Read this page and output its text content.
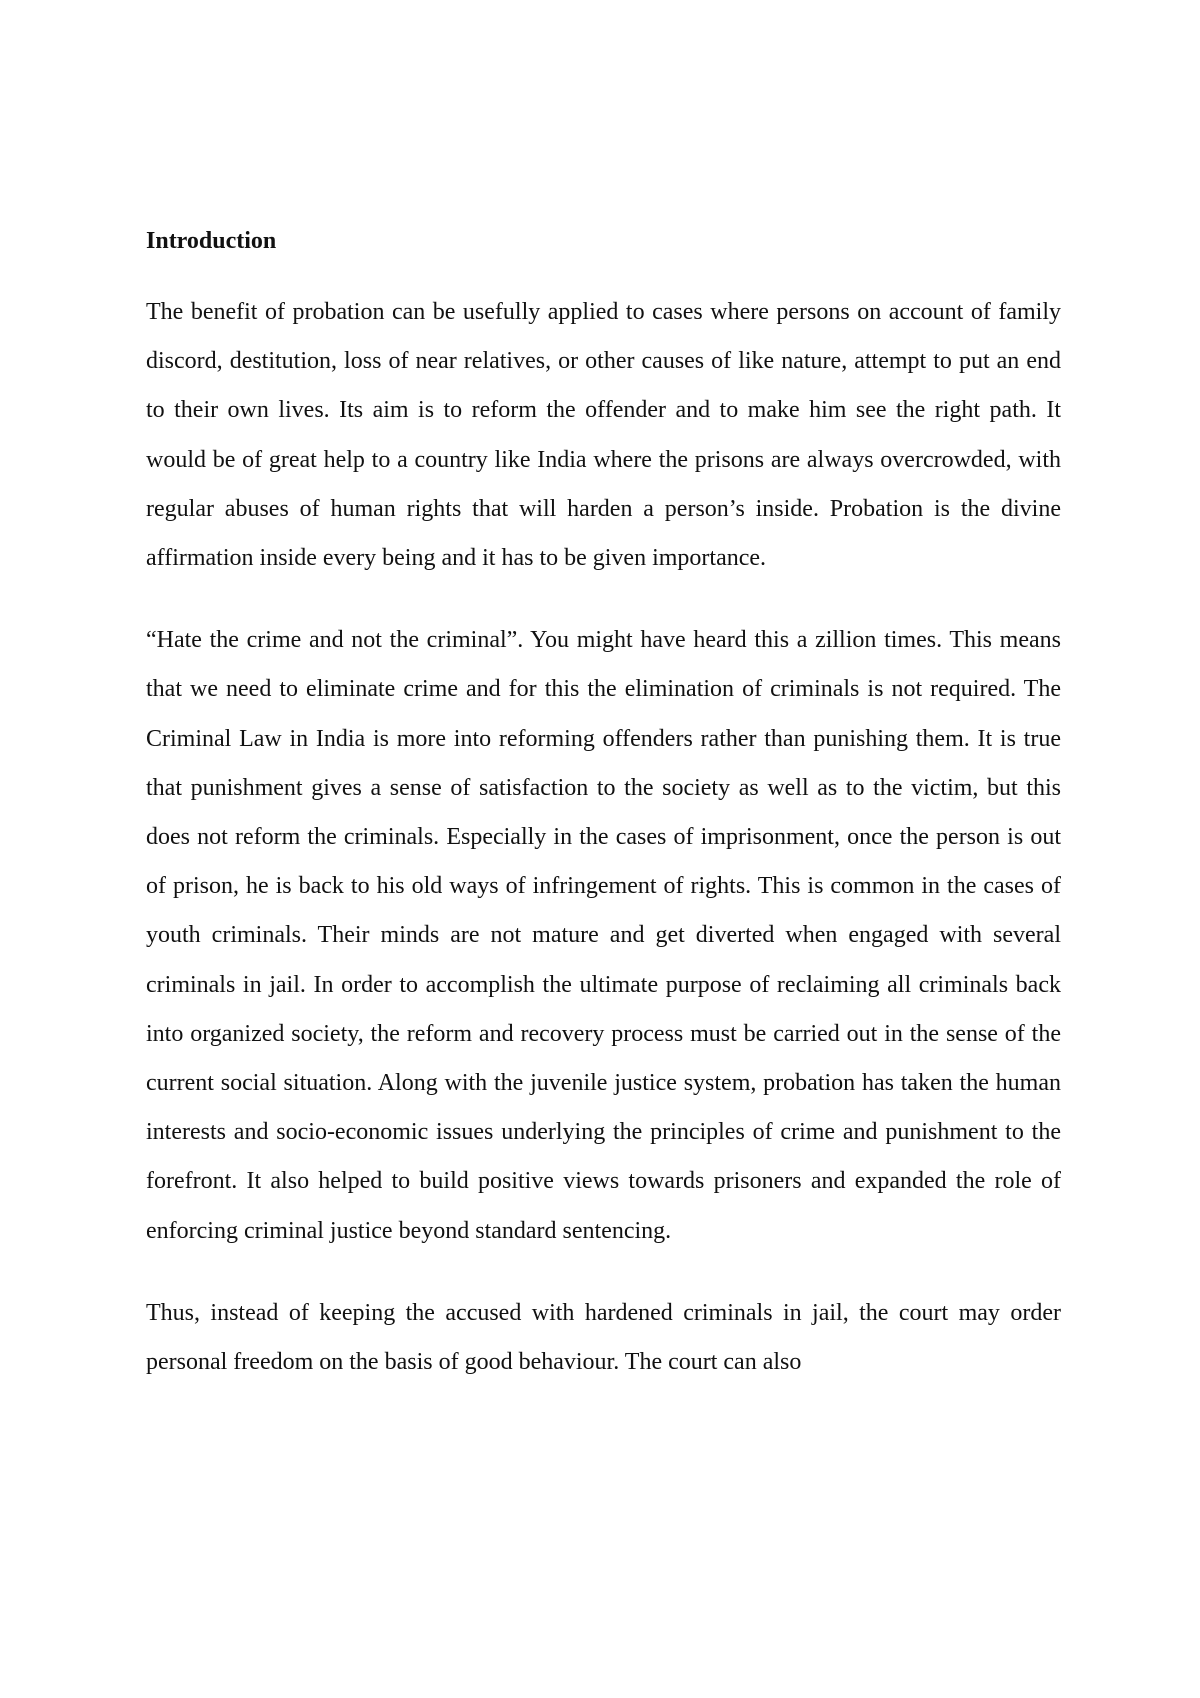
Introduction

The benefit of probation can be usefully applied to cases where persons on account of family discord, destitution, loss of near relatives, or other causes of like nature, attempt to put an end to their own lives. Its aim is to reform the offender and to make him see the right path. It would be of great help to a country like India where the prisons are always overcrowded, with regular abuses of human rights that will harden a person’s inside. Probation is the divine affirmation inside every being and it has to be given importance.

“Hate the crime and not the criminal”. You might have heard this a zillion times. This means that we need to eliminate crime and for this the elimination of criminals is not required. The Criminal Law in India is more into reforming offenders rather than punishing them. It is true that punishment gives a sense of satisfaction to the society as well as to the victim, but this does not reform the criminals. Especially in the cases of imprisonment, once the person is out of prison, he is back to his old ways of infringement of rights. This is common in the cases of youth criminals. Their minds are not mature and get diverted when engaged with several criminals in jail. In order to accomplish the ultimate purpose of reclaiming all criminals back into organized society, the reform and recovery process must be carried out in the sense of the current social situation. Along with the juvenile justice system, probation has taken the human interests and socio-economic issues underlying the principles of crime and punishment to the forefront. It also helped to build positive views towards prisoners and expanded the role of enforcing criminal justice beyond standard sentencing.

Thus, instead of keeping the accused with hardened criminals in jail, the court may order personal freedom on the basis of good behaviour. The court can also
